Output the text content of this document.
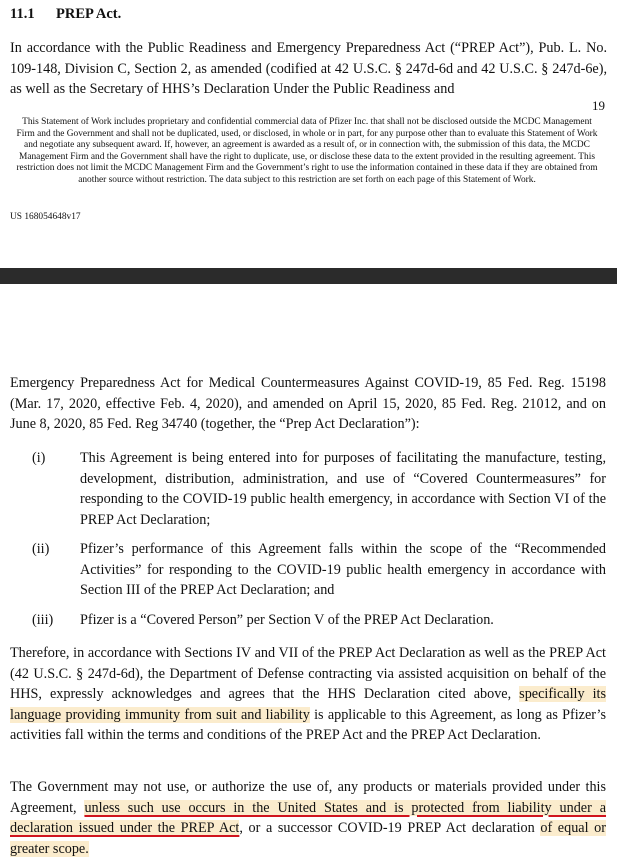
11.1 PREP Act.
In accordance with the Public Readiness and Emergency Preparedness Act (“PREP Act”), Pub. L. No. 109-148, Division C, Section 2, as amended (codified at 42 U.S.C. § 247d-6d and 42 U.S.C. § 247d-6e), as well as the Secretary of HHS’s Declaration Under the Public Readiness and
19
This Statement of Work includes proprietary and confidential commercial data of Pfizer Inc. that shall not be disclosed outside the MCDC Management Firm and the Government and shall not be duplicated, used, or disclosed, in whole or in part, for any purpose other than to evaluate this Statement of Work and negotiate any subsequent award. If, however, an agreement is awarded as a result of, or in connection with, the submission of this data, the MCDC Management Firm and the Government shall have the right to duplicate, use, or disclose these data to the extent provided in the resulting agreement. This restriction does not limit the MCDC Management Firm and the Government’s right to use the information contained in these data if they are obtained from another source without restriction. The data subject to this restriction are set forth on each page of this Statement of Work.
US 168054648v17
Emergency Preparedness Act for Medical Countermeasures Against COVID-19, 85 Fed. Reg. 15198 (Mar. 17, 2020, effective Feb. 4, 2020), and amended on April 15, 2020, 85 Fed. Reg. 21012, and on June 8, 2020, 85 Fed. Reg 34740 (together, the “Prep Act Declaration”):
(i) This Agreement is being entered into for purposes of facilitating the manufacture, testing, development, distribution, administration, and use of “Covered Countermeasures” for responding to the COVID-19 public health emergency, in accordance with Section VI of the PREP Act Declaration;
(ii) Pfizer’s performance of this Agreement falls within the scope of the “Recommended Activities” for responding to the COVID-19 public health emergency in accordance with Section III of the PREP Act Declaration; and
(iii) Pfizer is a “Covered Person” per Section V of the PREP Act Declaration.
Therefore, in accordance with Sections IV and VII of the PREP Act Declaration as well as the PREP Act (42 U.S.C. § 247d-6d), the Department of Defense contracting via assisted acquisition on behalf of the HHS, expressly acknowledges and agrees that the HHS Declaration cited above, specifically its language providing immunity from suit and liability is applicable to this Agreement, as long as Pfizer’s activities fall within the terms and conditions of the PREP Act and the PREP Act Declaration.
The Government may not use, or authorize the use of, any products or materials provided under this Agreement, unless such use occurs in the United States and is protected from liability under a declaration issued under the PREP Act, or a successor COVID-19 PREP Act declaration of equal or greater scope.
